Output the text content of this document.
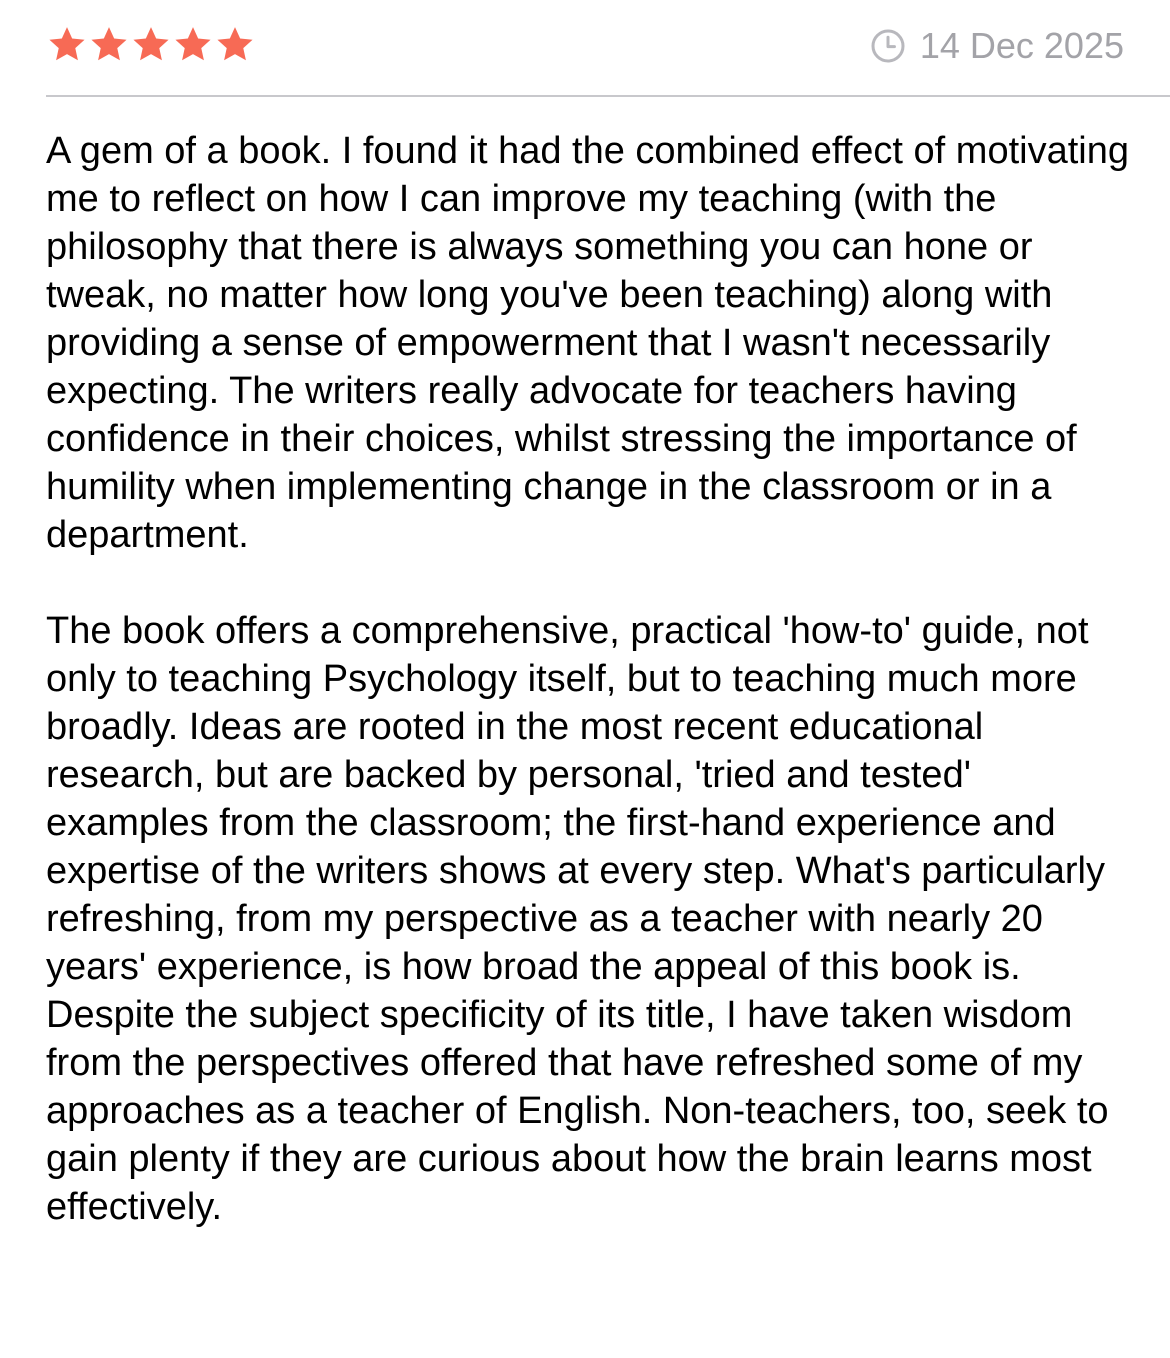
14 Dec 2025

A gem of a book. I found it had the combined effect of motivating me to reflect on how I can improve my teaching (with the philosophy that there is always something you can hone or tweak, no matter how long you've been teaching) along with providing a sense of empowerment that I wasn't necessarily expecting. The writers really advocate for teachers having confidence in their choices, whilst stressing the importance of humility when implementing change in the classroom or in a department.

The book offers a comprehensive, practical 'how-to' guide, not only to teaching Psychology itself, but to teaching much more broadly. Ideas are rooted in the most recent educational research, but are backed by personal, 'tried and tested' examples from the classroom; the first-hand experience and expertise of the writers shows at every step. What's particularly refreshing, from my perspective as a teacher with nearly 20 years' experience, is how broad the appeal of this book is. Despite the subject specificity of its title, I have taken wisdom from the perspectives offered that have refreshed some of my approaches as a teacher of English. Non-teachers, too, seek to gain plenty if they are curious about how the brain learns most effectively.
